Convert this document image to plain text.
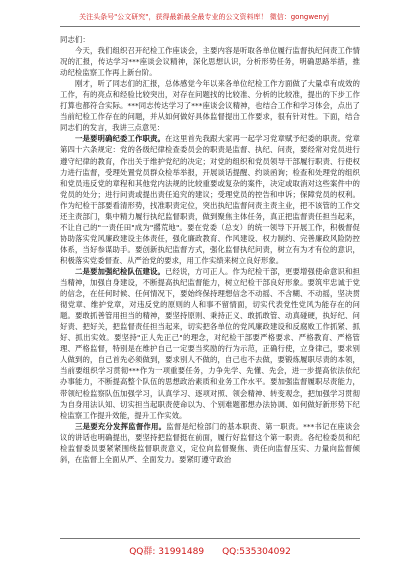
关注头条号"公文研究"，获得最新最全最专业的公文资料库！ 微信：gongwenyj

同志们：

今天，我们组织召开纪检工作座谈会，主要内容是听取各单位履行监督执纪问责工作情况的汇报，传达学习***座谈会议精神，深化思想认识，分析形势任务，明确思路举措，推动纪检监察工作再上新台阶。

刚才，听了同志们的汇报，总体感觉今年以来各单位纪检工作方面做了大量卓有成效的工作，有的亮点和经验比较突出，对存在问题找的比较准、分析的比较准，提出的下步工作打算也都符合实际。***同志传达学习了***座谈会议精神，也结合工作和学习体会，点出了当前纪检工作存在的问题，并从如何做好具体监督提出工作要求，很有针对性。下面，结合同志们的发言，我讲三点意见：

一是要明确纪委工作职责。在这里首先我跟大家再一起学习党章赋予纪委的职责。党章第四十六条规定：党的各级纪律检查委员会的职责是监督、执纪、问责，要经常对党员进行遵守纪律的教育，作出关于维护党纪的决定；对党的组织和党员领导干部履行职责、行使权力进行监督，受理处置党员群众检举举报，开展谈话提醒、约谈函询；检查和处理党的组织和党员违反党的章程和其他党内法规的比较重要或复杂的案件，决定或取消对这些案件中的党员的处分；进行问责或提出责任追究的建议；受理党员的控告和申诉；保障党员的权利。作为纪检干部要看清形势，找准职责定位，突出执纪监督问责主责主业，把不该管的工作交还主责部门，集中精力履行执纪监督职责，做到聚焦主体任务，真正把监督责任担当起来，不让自己的"一责任田"成为"撂荒地"。要在党委（总支）的统一领导下开展工作，积极督促协助落实党风廉政建设主体责任，强化廉政教育、作风建设、权力制约、完善廉政风险防控体系，当好参谋助手。要创新执纪监督方式，强化监督执纪问责，树立有为才有位的意识，积极落实党委督查、从严治党的要求，用工作实绩来树立良好形象。

二是要加强纪检队伍建设。已经说，方可正人。作为纪检干部，更要增强使命意识和担当精神，加强自身建设，不断提高执纪监督能力，树立纪检干部良好形象。要筑牢忠诚于党的信念，在任何时候、任何情况下，要始终保持理想信念不动摇、不含糊、不动摇，坚决贯彻党章、维护党章，对违反党的原则的人和事不留情面，切实代表党性党风为能存在的问题。要敢抓善管用担当的精神，要坚持原则、秉持正义、敢抓敢管、动真碰硬，执好纪、问好责、把好关，把监督责任担当起来，切实把各单位的党风廉政建设和反腐败工作抓紧、抓好、抓出实效。要坚持"正人先正己"的理念，对纪检干部要严格要求、严格教育、严格管理、严格监督，特别是在维护自己一定要当奖励的行为示范，正确行使，立身律己，要求别人做到的，自己首先必须做到，要求别人不做的，自己也不去做，要锻炼履职尽责的本领，当前要组织学习贯彻***作为一项重要任务，力争先学、先懂、先会，进一步提高依法依纪办事能力，不断提高整个队伍的思想政治素质和业务工作水平。要加强监督履职尽责能力，带领纪检监察队伍加强学习，认真学习、逐项对照、领会精神、转变观念，把加强学习贯彻为自身用法认知、切实担当起职责使命以为、个别难题都想办法协调、如何做好新形势下纪检监察工作提升效能，提升工作实效。

三是要充分发挥监督作用。监督是纪检部门的基本职责、第一职责。***书记在座谈会议的讲话也明确提出，要坚持把监督挺在前面，履行好监督这个第一职责。各纪检委员和纪检监督委员要紧紧围绕监督职责意义，定位向监督聚焦、责任向监督压实、力量向监督倾斜，在监督上全面从严、全面发力。要紧盯遵守政治

QQ群: 31991489 QQ:535304092
